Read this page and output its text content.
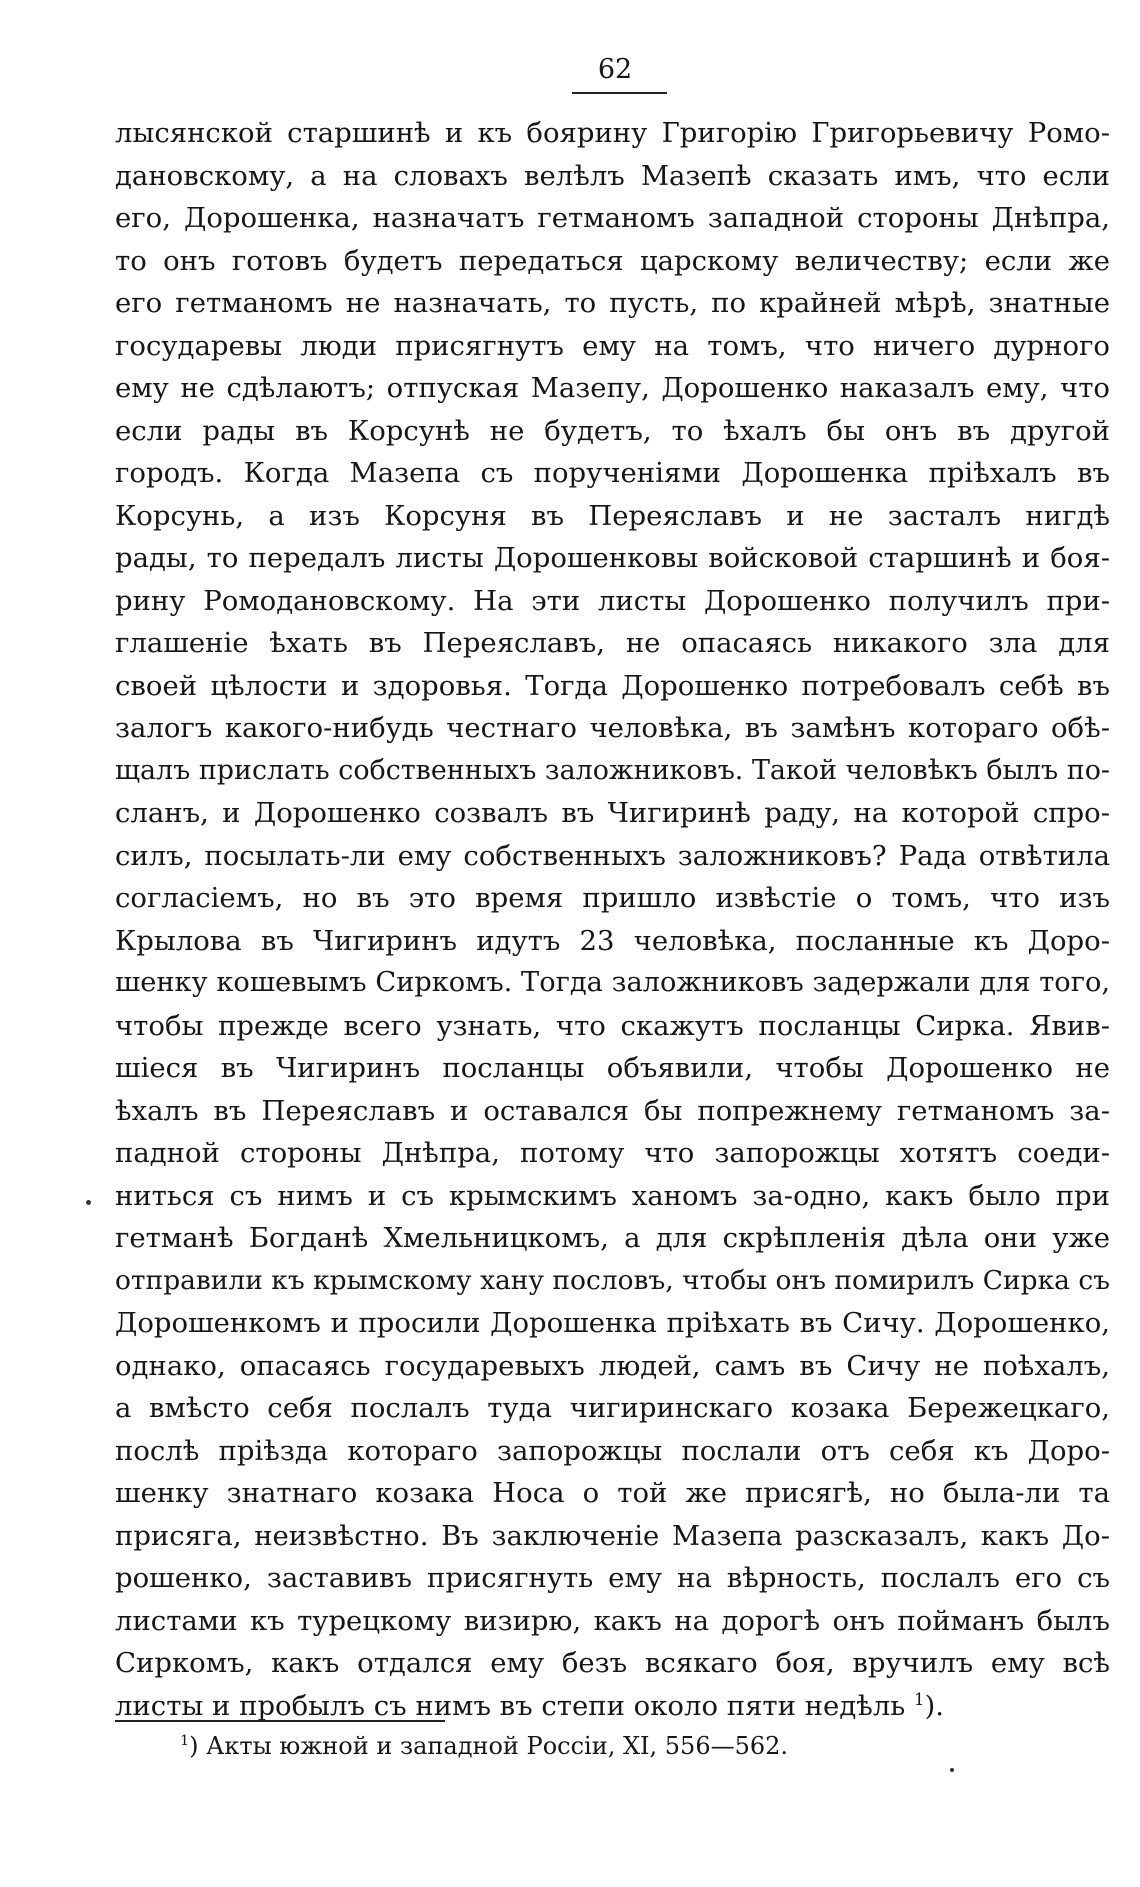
62
лысянской старшинѣ и къ боярину Григорію Григорьевичу Ромо-
дановскому, а на словахъ велѣлъ Мазепѣ сказать имъ, что если
его, Дорошенка, назначатъ гетманомъ западной стороны Днѣпра,
то онъ готовъ будетъ передаться царскому величеству; если же
его гетманомъ не назначать, то пусть, по крайней мѣрѣ, знатные
государевы люди присягнутъ ему на томъ, что ничего дурного
ему не сдѣлаютъ; отпуская Мазепу, Дорошенко наказалъ ему, что
если рады въ Корсунѣ не будетъ, то ѣхалъ бы онъ въ другой
городъ. Когда Мазепа съ порученіями Дорошенка пріѣхалъ въ
Корсунь, а изъ Корсуня въ Переяславъ и не засталъ нигдѣ
рады, то передалъ листы Дорошенковы войсковой старшинѣ и боя-
рину Ромодановскому. На эти листы Дорошенко получилъ при-
глашеніе ѣхать въ Переяславъ, не опасаясь никакого зла для
своей цѣлости и здоровья. Тогда Дорошенко потребовалъ себѣ въ
залогъ какого-нибудь честнаго человѣка, въ замѣнъ котораго обѣ-
щалъ прислать собственныхъ заложниковъ. Такой человѣкъ былъ по-
сланъ, и Дорошенко созвалъ въ Чигиринѣ раду, на которой спро-
силъ, посылать-ли ему собственныхъ заложниковъ? Рада отвѣтила
согласіемъ, но въ это время пришло извѣстіе о томъ, что изъ
Крылова въ Чигиринъ идутъ 23 человѣка, посланные къ Доро-
шенку кошевымъ Сиркомъ. Тогда заложниковъ задержали для того,
чтобы прежде всего узнать, что скажутъ посланцы Сирка. Явив-
шіеся въ Чигиринъ посланцы объявили, чтобы Дорошенко не
ѣхалъ въ Переяславъ и оставался бы попрежнему гетманомъ за-
падной стороны Днѣпра, потому что запорожцы хотятъ соеди-
ниться съ нимъ и съ крымскимъ ханомъ за-одно, какъ было при
гетманѣ Богданѣ Хмельницкомъ, а для скрѣпленія дѣла они уже
отправили къ крымскому хану пословъ, чтобы онъ помирилъ Сирка съ
Дорошенкомъ и просили Дорошенка пріѣхать въ Сичу. Дорошенко,
однако, опасаясь государевыхъ людей, самъ въ Сичу не поѣхалъ,
а вмѣсто себя послалъ туда чигиринскаго козака Бережецкаго,
послѣ пріѣзда котораго запорожцы послали отъ себя къ Доро-
шенку знатнаго козака Носа о той же присягѣ, но была-ли та
присяга, неизвѣстно. Въ заключеніе Мазепа разсказалъ, какъ До-
рошенко, заставивъ присягнуть ему на вѣрность, послалъ его съ
листами къ турецкому визирю, какъ на дорогѣ онъ пойманъ былъ
Сиркомъ, какъ отдался ему безъ всякаго боя, вручилъ ему всѣ
листы и пробылъ съ нимъ въ степи около пяти недѣль $^1$).
$^1$) Акты южной и западной Россіи, XI, 556—562.
